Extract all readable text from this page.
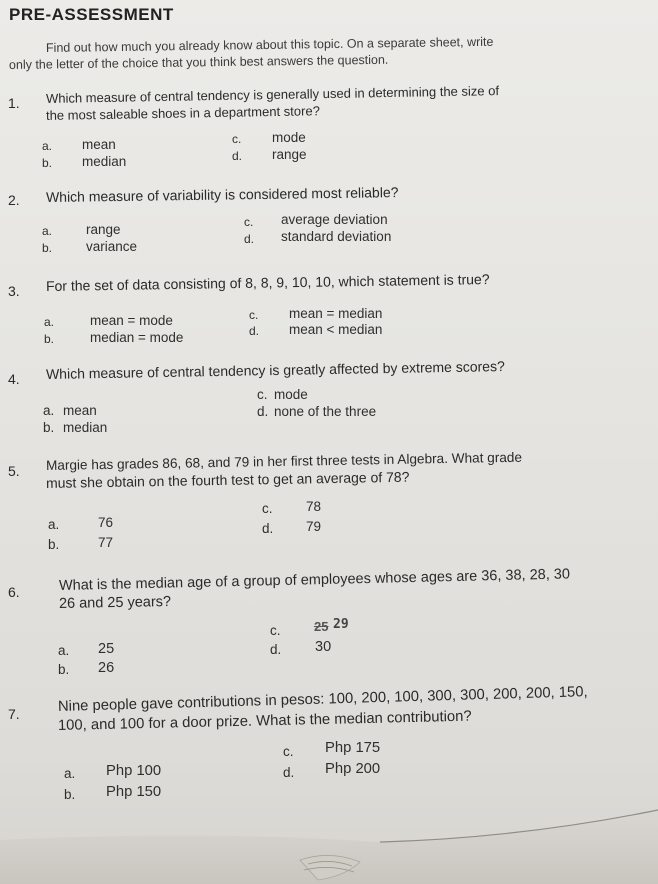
PRE-ASSESSMENT
Find out how much you already know about this topic. On a separate sheet, write
only the letter of the choice that you think best answers the question.
1. Which measure of central tendency is generally used in determining the size of
the most saleable shoes in a department store?
a. mean
b. median
c. mode
d. range
2. Which measure of variability is considered most reliable?
a.	range
b.	variance
c. average deviation
d. standard deviation
3. For the set of data consisting of 8, 8, 9, 10, 10, which statement is true?
a.	mean = mode
b.	median = mode
c. mean = median
d. mean < median
4. Which measure of central tendency is greatly affected by extreme scores?
a. mean
b. median
c. mode
d. none of the three
5. Margie has grades 86, 68, and 79 in her first three tests in Algebra. What grade
must she obtain on the fourth test to get an average of 78?
a.	76
b.	77
c. 78
d. 79
6.	What is the median age of a group of employees whose ages are 36, 38, 28, 30
26 and 25 years?
a. 25
b. 26
c.	25 29
d. 30
7.	Nine people gave contributions in pesos: 100, 200, 100, 300, 300, 200, 200, 150,
100, and 100 for a door prize. What is the median contribution?
a. Php 100
b. Php 150
c. Php 175
d. Php 200
